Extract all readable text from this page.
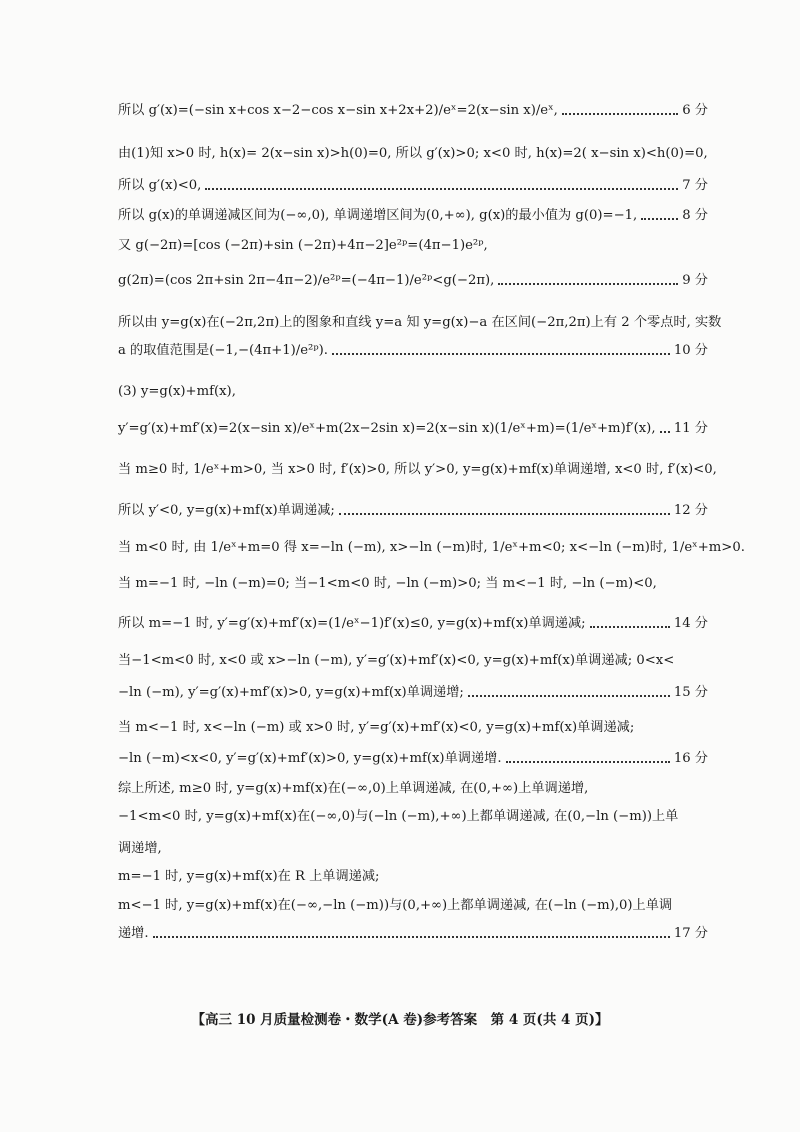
所以 g′(x)=(−sin x+cos x−2−cos x−sin x+2x+2)/eˣ=2(x−sin x)/eˣ,	6 分
由(1)知 x>0 时, h(x)= 2(x−sin x)>h(0)=0, 所以 g′(x)>0; x<0 时, h(x)=2( x−sin x)<h(0)=0,
所以 g′(x)<0,	7 分
所以 g(x)的单调递减区间为(−∞,0), 单调递增区间为(0,+∞), g(x)的最小值为 g(0)=−1,	8 分
又 g(−2π)=[cos (−2π)+sin (−2π)+4π−2]e²ᵖ=(4π−1)e²ᵖ,
g(2π)=(cos 2π+sin 2π−4π−2)/e²ᵖ=(−4π−1)/e²ᵖ<g(−2π),	9 分
所以由 y=g(x)在(−2π,2π)上的图象和直线 y=a 知 y=g(x)−a 在区间(−2π,2π)上有 2 个零点时, 实数
a 的取值范围是(−1,−(4π+1)/e²ᵖ).	10 分
(3) y=g(x)+mf(x),
y′=g′(x)+mf′(x)=2(x−sin x)/eˣ+m(2x−2sin x)=2(x−sin x)(1/eˣ+m)=(1/eˣ+m)f′(x), 11 分
当 m≥0 时, 1/eˣ+m>0, 当 x>0 时, f′(x)>0, 所以 y′>0, y=g(x)+mf(x)单调递增, x<0 时, f′(x)<0,
所以 y′<0, y=g(x)+mf(x)单调递减;	12 分
当 m<0 时, 由 1/eˣ+m=0 得 x=−ln (−m), x>−ln (−m)时, 1/eˣ+m<0; x<−ln (−m)时, 1/eˣ+m>0.
当 m=−1 时, −ln (−m)=0; 当−1<m<0 时, −ln (−m)>0; 当 m<−1 时, −ln (−m)<0,
所以 m=−1 时, y′=g′(x)+mf′(x)=(1/eˣ−1)f′(x)≤0, y=g(x)+mf(x)单调递减;	14 分
当−1<m<0 时, x<0 或 x>−ln (−m), y′=g′(x)+mf′(x)<0, y=g(x)+mf(x)单调递减; 0<x<
−ln (−m), y′=g′(x)+mf′(x)>0, y=g(x)+mf(x)单调递增;	15 分
当 m<−1 时, x<−ln (−m) 或 x>0 时, y′=g′(x)+mf′(x)<0, y=g(x)+mf(x)单调递减;
−ln (−m)<x<0, y′=g′(x)+mf′(x)>0, y=g(x)+mf(x)单调递增.	16 分
综上所述, m≥0 时, y=g(x)+mf(x)在(−∞,0)上单调递减, 在(0,+∞)上单调递增,
−1<m<0 时, y=g(x)+mf(x)在(−∞,0)与(−ln (−m),+∞)上都单调递减, 在(0,−ln (−m))上单
调递增,
m=−1 时, y=g(x)+mf(x)在 R 上单调递减;
m<−1 时, y=g(x)+mf(x)在(−∞,−ln (−m))与(0,+∞)上都单调递减, 在(−ln (−m),0)上单调
递增.	17 分
【高三 10 月质量检测卷・数学(A 卷)参考答案　第 4 页(共 4 页)】
